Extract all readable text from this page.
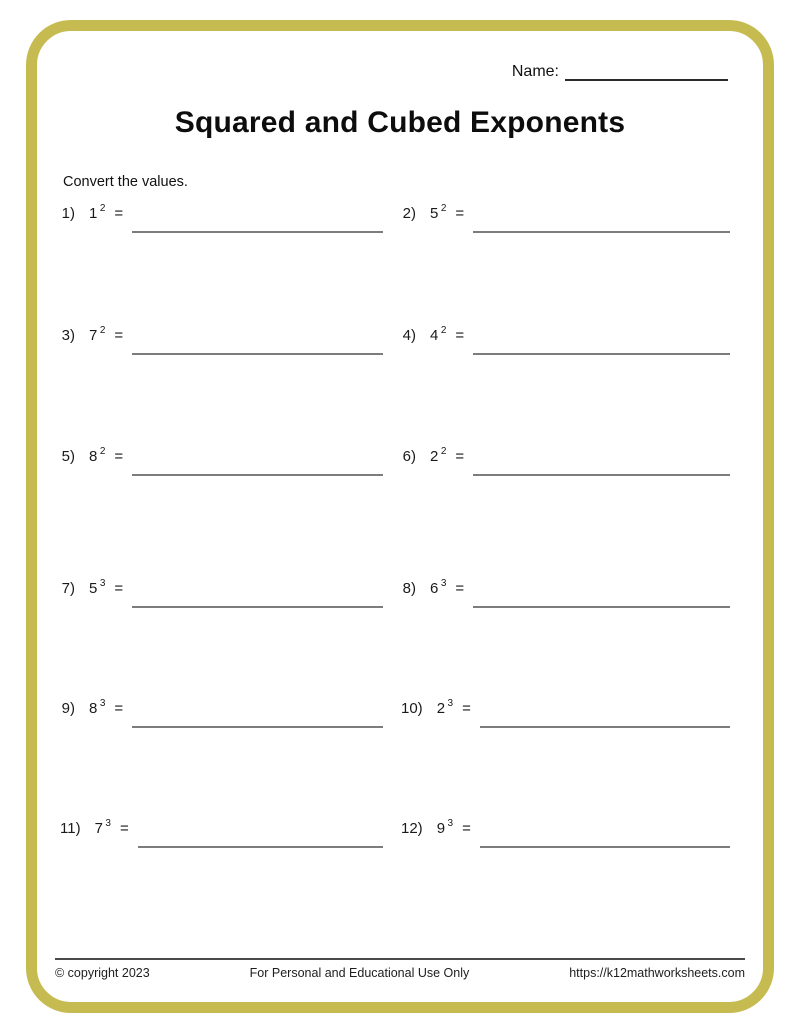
Name:
Squared and Cubed Exponents
Convert the values.
1) 1 $^2$ =	2) 5 $^2$ =
3) 7 $^2$ =	4) 4 $^2$ =
5) 8 $^2$ =	6) 2 $^2$ =
7) 5 $^3$ =	8) 6 $^3$ =
9) 8 $^3$ =	10) 2 $^3$ =
11) 7 $^3$ =	12) 9 $^3$ =
© copyright 2023	For Personal and Educational Use Only	https://k12mathworksheets.com
